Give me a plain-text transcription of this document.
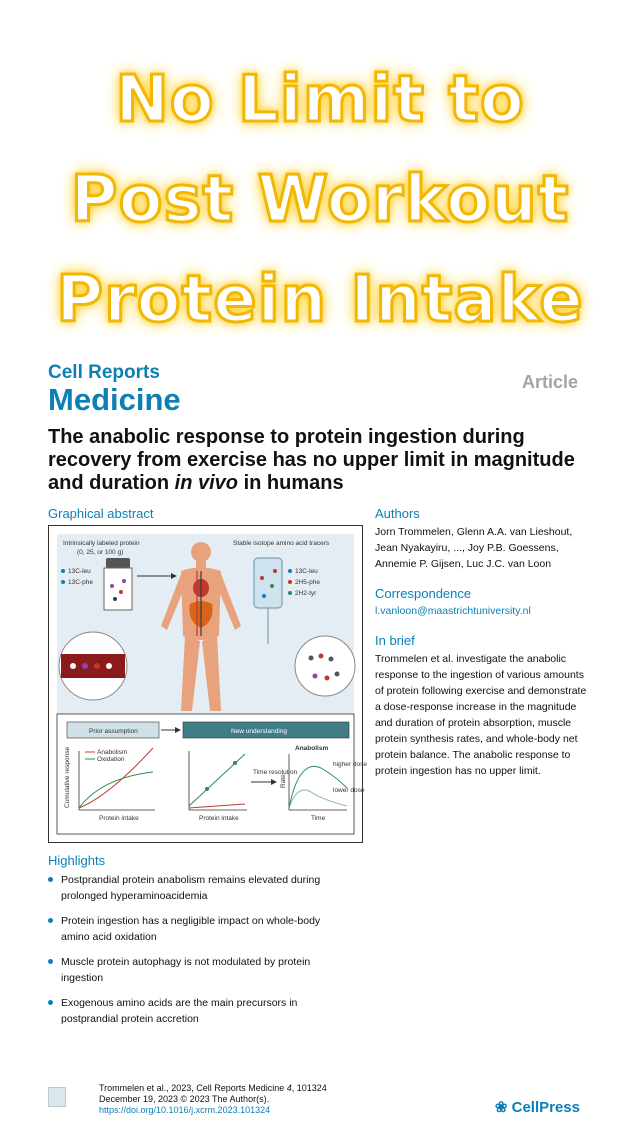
No Limit to
Post Workout
Protein Intake
Cell Reports
Medicine	Article
The anabolic response to protein ingestion during recovery from exercise has no upper limit in magnitude and duration in vivo in humans
Graphical abstract
Intrinsically labeled protein
(0, 25, or 100 g)
13C-leu
13C-phe
Stable isotope amino acid tracers
13C-leu
2H5-phe
2H2-tyr
Prior assumption	New understanding
Anabolism
Oxidation
Cumulative response
Protein intake	Protein intake
Time resolution
Anabolism
Rate
higher dose
lower dose
Time
Authors
Jorn Trommelen, Glenn A.A. van Lieshout, Jean Nyakayiru, ..., Joy P.B. Goessens, Annemie P. Gijsen, Luc J.C. van Loon
Correspondence
l.vanloon@maastrichtuniversity.nl
In brief
Trommelen et al. investigate the anabolic response to the ingestion of various amounts of protein following exercise and demonstrate a dose-response increase in the magnitude and duration of protein absorption, muscle protein synthesis rates, and whole-body net protein balance. The anabolic response to protein ingestion has no upper limit.
Highlights
Postprandial protein anabolism remains elevated during prolonged hyperaminoacidemia
Protein ingestion has a negligible impact on whole-body amino acid oxidation
Muscle protein autophagy is not modulated by protein ingestion
Exogenous amino acids are the main precursors in postprandial protein accretion
Trommelen et al., 2023, Cell Reports Medicine 4, 101324
December 19, 2023 © 2023 The Author(s).
https://doi.org/10.1016/j.xcrm.2023.101324	❀ CellPress
